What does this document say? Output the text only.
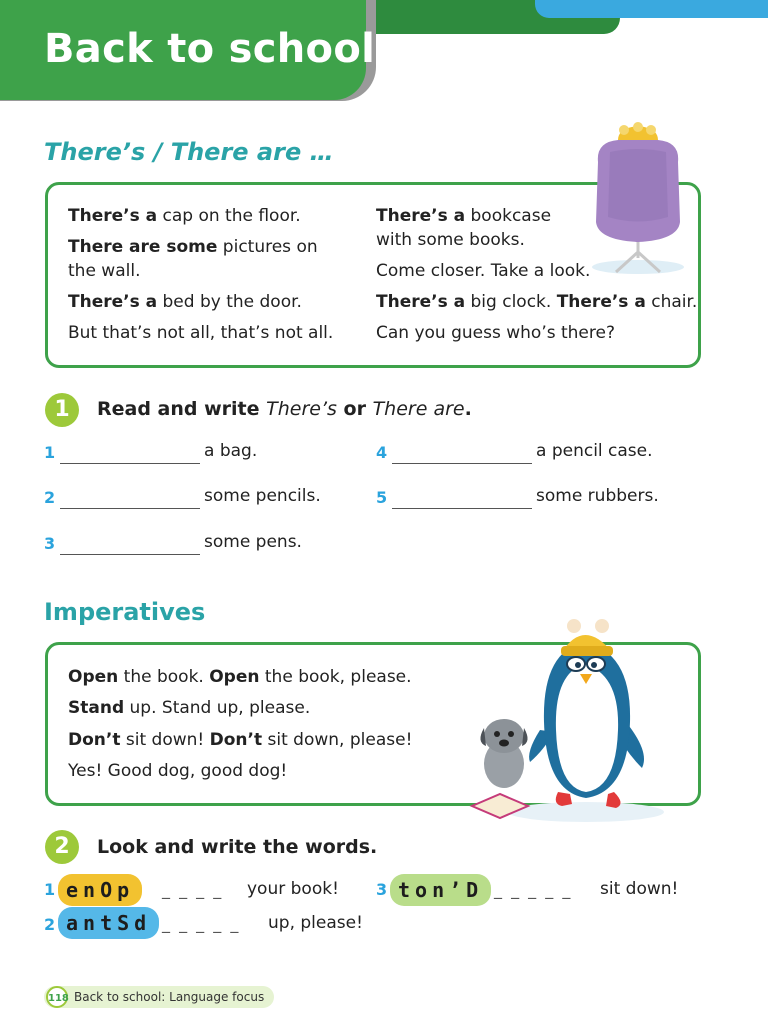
Back to school
There’s / There are …
There’s a cap on the floor.
There are some pictures on
the wall.
There’s a bed by the door.
But that’s not all, that’s not all.
There’s a bookcase
with some books.
Come closer. Take a look.
There’s a big clock. There’s a chair.
Can you guess who’s there?
1	Read and write There’s or There are.
1	a bag.
2	some pencils.
3	some pens.
4	a pencil case.
5	some rubbers.
Imperatives
Open the book. Open the book, please.
Stand up. Stand up, please.
Don’t sit down! Don’t sit down, please!
Yes! Good dog, good dog!
2	Look and write the words.
1 enOp	_ _ _ _ your book!
2 antSd _ _ _ _ _ up, please!
3 ton’D _ _ _ _ _ sit down!
Back to school: Language focus
118
